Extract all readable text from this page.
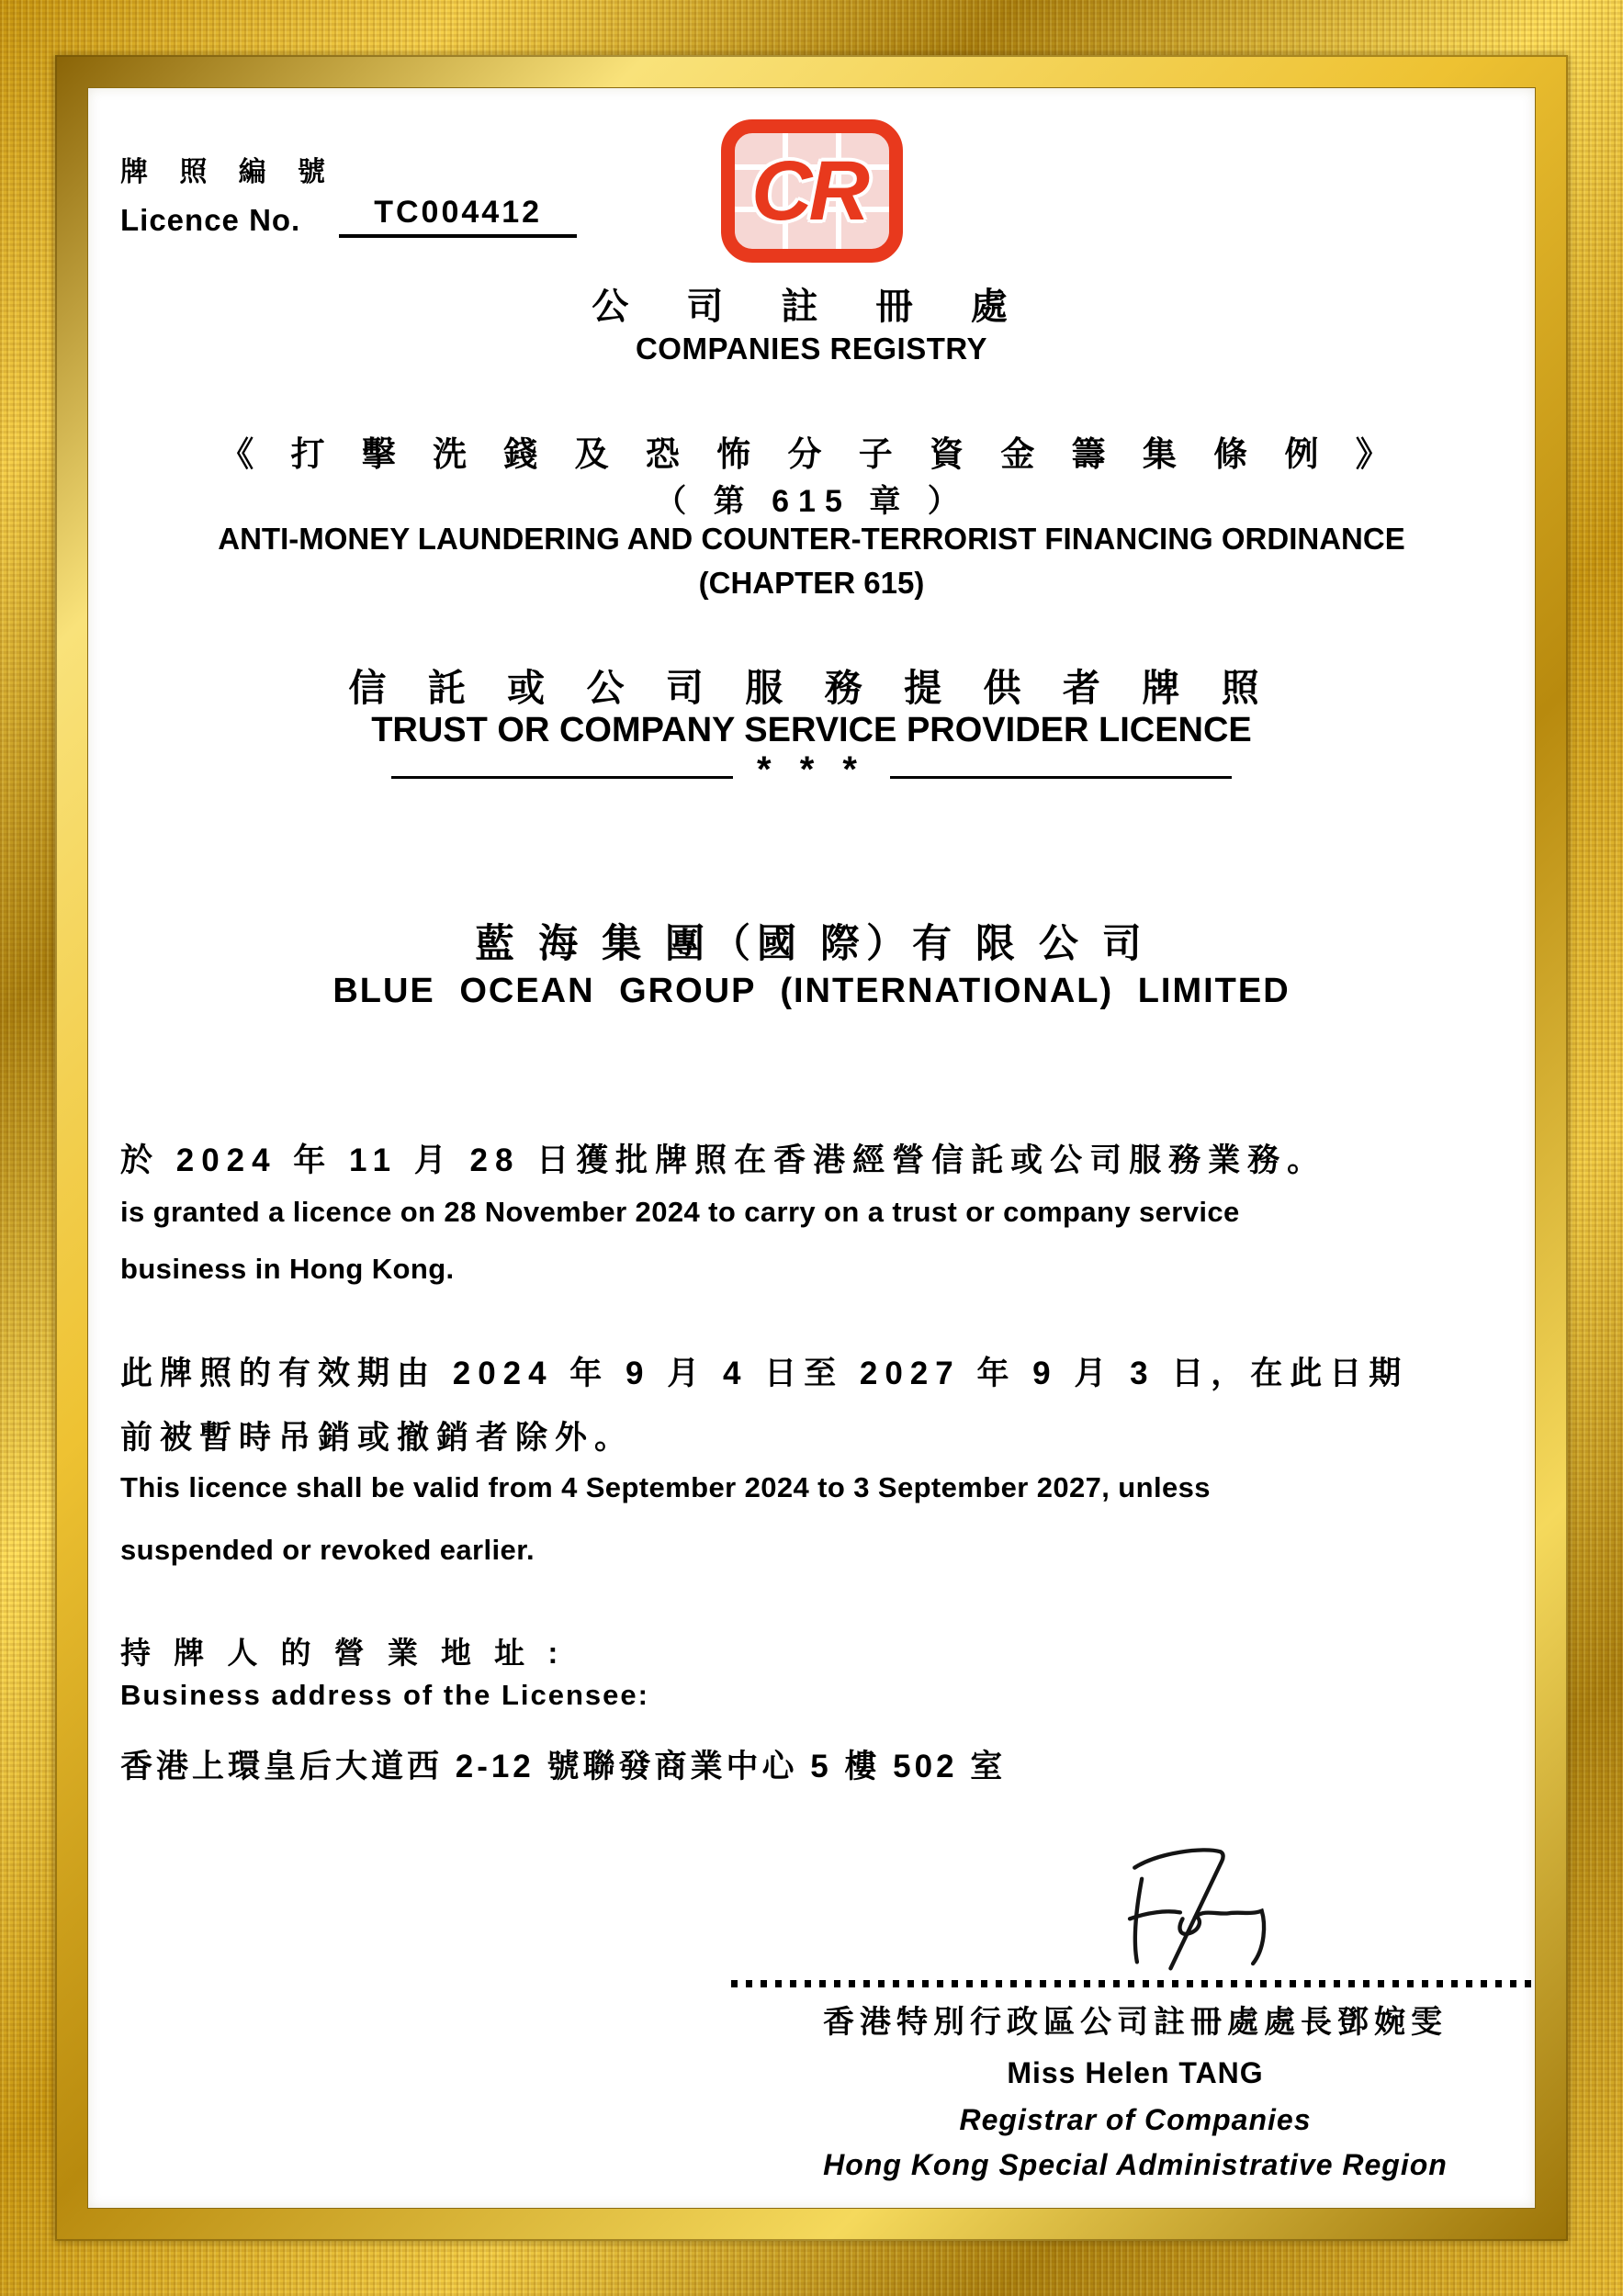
牌 照 編 號
Licence No.	TC004412	CR
公 司 註 冊 處
COMPANIES REGISTRY
《 打 擊 洗 錢 及 恐 怖 分 子 資 金 籌 集 條 例 》
（ 第 615 章 ）
ANTI-MONEY LAUNDERING AND COUNTER-TERRORIST FINANCING ORDINANCE
(CHAPTER 615)
信 託 或 公 司 服 務 提 供 者 牌 照
TRUST OR COMPANY SERVICE PROVIDER LICENCE
* * *
藍 海 集 團（國 際）有 限 公 司
BLUE OCEAN GROUP (INTERNATIONAL) LIMITED
於 2024 年 11 月 28 日獲批牌照在香港經營信託或公司服務業務。
is granted a licence on 28 November 2024 to carry on a trust or company service
business in Hong Kong.
此牌照的有效期由 2024 年 9 月 4 日至 2027 年 9 月 3 日，在此日期
前被暫時吊銷或撤銷者除外。
This licence shall be valid from 4 September 2024 to 3 September 2027, unless
suspended or revoked earlier.
持 牌 人 的 營 業 地 址 :
Business address of the Licensee:
香港上環皇后大道西 2-12 號聯發商業中心 5 樓 502 室
香港特別行政區公司註冊處處長鄧婉雯
Miss Helen TANG
Registrar of Companies
Hong Kong Special Administrative Region
